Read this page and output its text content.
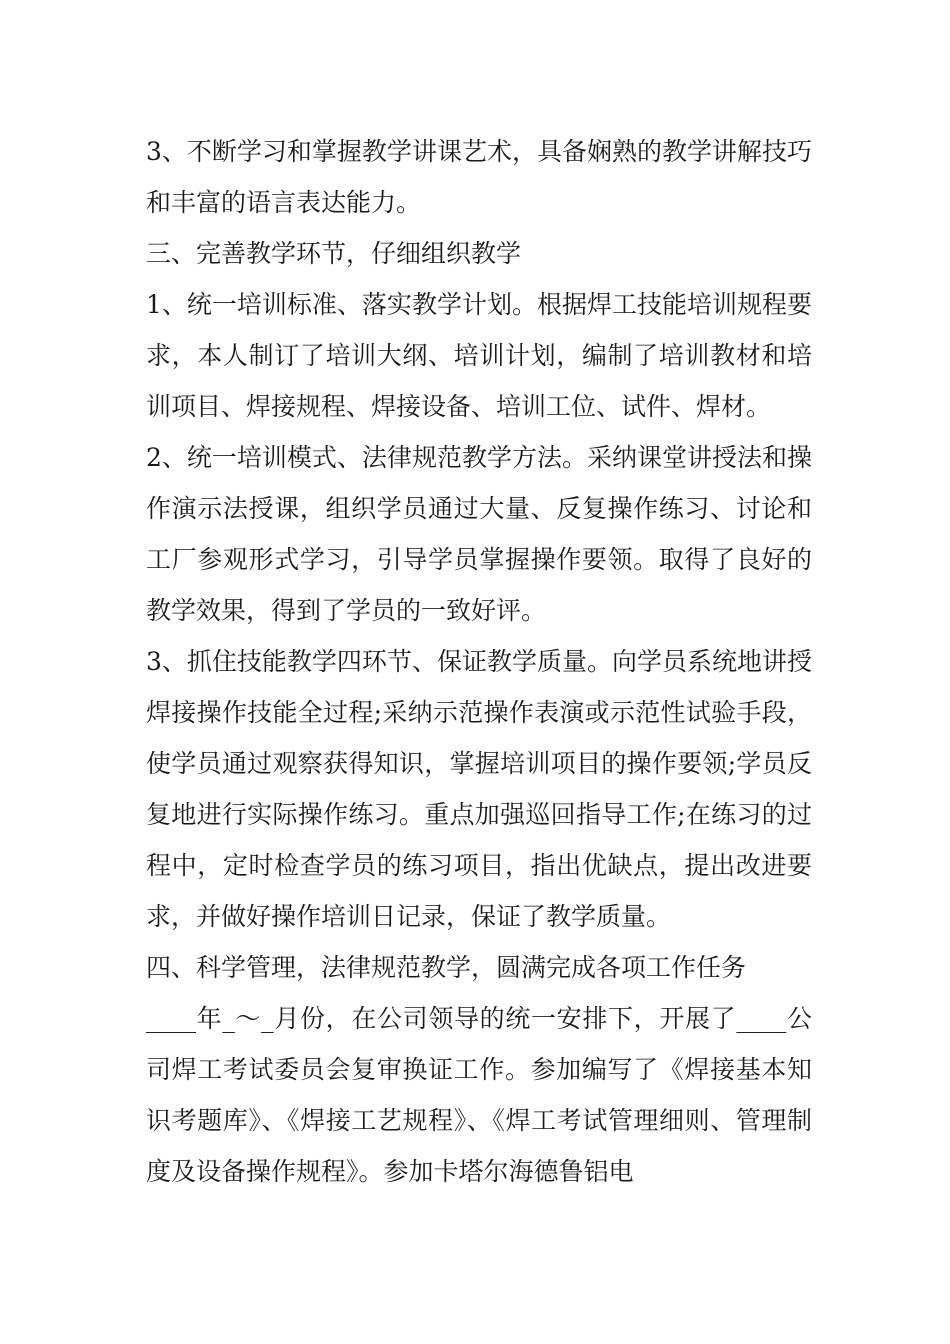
3、不断学习和掌握教学讲课艺术，具备娴熟的教学讲解技巧和丰富的语言表达能力。

三、完善教学环节，仔细组织教学

1、统一培训标准、落实教学计划。根据焊工技能培训规程要求，本人制订了培训大纲、培训计划，编制了培训教材和培训项目、焊接规程、焊接设备、培训工位、试件、焊材。

2、统一培训模式、法律规范教学方法。采纳课堂讲授法和操作演示法授课，组织学员通过大量、反复操作练习、讨论和工厂参观形式学习，引导学员掌握操作要领。取得了良好的教学效果，得到了学员的一致好评。

3、抓住技能教学四环节、保证教学质量。向学员系统地讲授焊接操作技能全过程;采纳示范操作表演或示范性试验手段，使学员通过观察获得知识，掌握培训项目的操作要领;学员反复地进行实际操作练习。重点加强巡回指导工作;在练习的过程中，定时检查学员的练习项目，指出优缺点，提出改进要求，并做好操作培训日记录，保证了教学质量。

四、科学管理，法律规范教学，圆满完成各项工作任务

____年_～_月份，在公司领导的统一安排下，开展了____公司焊工考试委员会复审换证工作。参加编写了《焊接基本知识考题库》、《焊接工艺规程》、《焊工考试管理细则、管理制度及设备操作规程》。参加卡塔尔海德鲁铝电
